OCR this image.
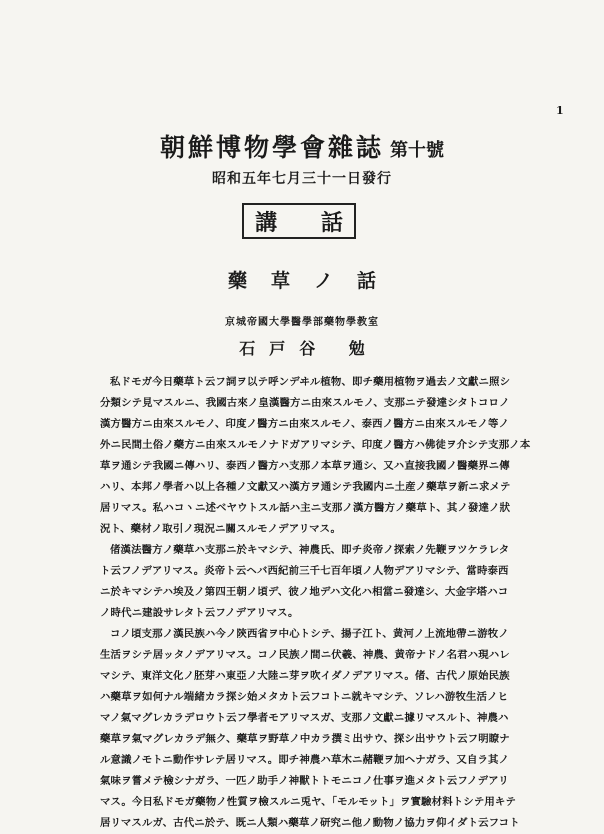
1
朝鮮博物學會雜誌 第十號
昭和五年七月三十一日發行
講 話
藥草ノ話
京城帝國大學醫學部藥物學教室
石戸谷 勉
私ドモガ今日藥草ト云フ詞ヲ以テ呼ンデヰル植物、即チ藥用植物ヲ過去ノ文獻ニ照シ
分類シテ見マスルニ、我國古來ノ皇漢醫方ニ由來スルモノ、支那ニテ發達シタトコロノ
漢方醫方ニ由來スルモノ、印度ノ醫方ニ由來スルモノ、泰西ノ醫方ニ由來スルモノ等ノ
外ニ民間土俗ノ藥方ニ由來スルモノナドガアリマシテ、印度ノ醫方ハ佛徒ヲ介シテ支那ノ本
草ヲ通シテ我國ニ傳ハリ、泰西ノ醫方ハ支那ノ本草ヲ通シ、又ハ直接我國ノ醫藥界ニ傳
ハリ、本邦ノ學者ハ以上各種ノ文獻又ハ漢方ヲ通シテ我國内ニ土産ノ藥草ヲ新ニ求メテ
居リマス。私ハコヽニ述ベヤウトスル話ハ主ニ支那ノ漢方醫方ノ藥草ト、其ノ發達ノ狀
況ト、藥材ノ取引ノ現況ニ關スルモノデアリマス。
偖漢法醫方ノ藥草ハ支那ニ於キマシテ、神農氏、即チ炎帝ノ探索ノ先鞭ヲツケラレタ
ト云フノデアリマス。炎帝ト云ヘバ西紀前三千七百年頃ノ人物デアリマシテ、當時泰西
ニ於キマシテハ埃及ノ第四王朝ノ頃デ、彼ノ地デハ文化ハ相當ニ發達シ、大金字塔ハコ
ノ時代ニ建設サレタト云フノデアリマス。
コノ頃支那ノ漢民族ハ今ノ陝西省ヲ中心トシテ、揚子江ト、黄河ノ上流地帶ニ游牧ノ
生活ヲシテ居ッタノデアリマス。コノ民族ノ間ニ伏羲、神農、黄帝ナドノ名君ハ現ハレ
マシテ、東洋文化ノ胚芽ハ東亞ノ大陸ニ芽ヲ吹イダノデアリマス。偖、古代ノ原始民族
ハ藥草ヲ如何ナル端緒カラ探シ始メタカト云フコトニ就キマシテ、ソレハ游牧生活ノヒ
マノ氣マグレカラデロウト云フ學者モアリマスガ、支那ノ文獻ニ據リマスルト、神農ハ
藥草ヲ氣マグレカラデ無ク、藥草ヲ野草ノ中カラ撰ミ出サウ、探シ出サウト云フ明瞭ナ
ル意識ノモトニ動作サレテ居リマス。即チ神農ハ草木ニ赭鞭ヲ加ヘナガラ、又自ラ其ノ
氣味ヲ嘗メテ檢シナガラ、一匹ノ助手ノ神獸トトモニコノ仕事ヲ進メタト云フノデアリ
マス。今日私ドモガ藥物ノ性質ヲ檢スルニ兎ヤ、「モルモット」ヲ實驗材料トシテ用キテ
居リマスルガ、古代ニ於テ、既ニ人類ハ藥草ノ研究ニ他ノ動物ノ協力ヲ仰イダト云フコト
